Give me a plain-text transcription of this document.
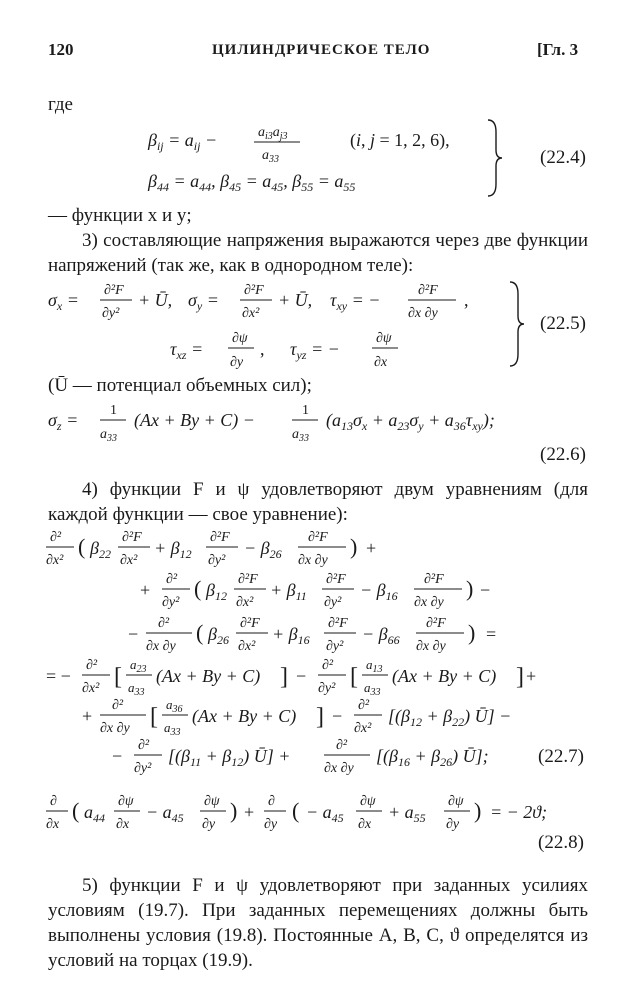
120	ЦИЛИНДРИЧЕСКОЕ ТЕЛО	[Гл. 3
где
$\beta_{ij} = a_{ij}$ −	$a_{i3}a_{j3}$
$a_{33}$
(i, j = 1, 2, 6),
$\beta_{44} = a_{44}$, $\beta_{45} = a_{45}$, $\beta_{55} = a_{55}$
(22.4)
— функции x и y;
3) составляющие напряжения выражаются через две функции напряжений (так же, как в однородном теле):
$\sigma_x = \partial^2F$
∂y²
+ Ū, $\sigma_y = \partial^2F$
∂x²
+ Ū, $\tau_{xy}$ = −	∂²F
∂x ∂y
,
$\tau_{xz}$ =
∂ψ
∂y
, $\tau_{yz}$ = −
∂ψ
∂x
(22.5)
(Ū — потенциал объемных сил);
$\sigma_z = 1$
$a_{33}$
(Ax + By + C) −	1
$a_{33}$
$(a_{13}\sigma_x + a_{23}\sigma_y + a_{36}\tau_{xy})$;
(22.6)
4) функции F и ψ удовлетворяют двум уравнениям (для каждой функции — свое уравнение):
∂²
∂x²
( $\beta_{22}$
∂²F
∂x²
+ $\beta_{12}$
∂²F
∂y²
− $\beta_{26}$
∂²F
∂x ∂y
) +
+
∂²
∂y²
( $\beta_{12}$
∂²F
∂x²
+ $\beta_{11}$
∂²F
∂y²
− $\beta_{16}$
∂²F
∂x ∂y
) −
−
∂²
∂x ∂y
( $\beta_{26}$
∂²F
∂x²
+ $\beta_{16}$
∂²F
∂y²
− $\beta_{66}$
∂²F
∂x ∂y
) =
= −
∂²
∂x² [ $a_{23}$
$a_{33}$
(Ax + By + C) ] −
∂²
∂y² [ $a_{13}$
$a_{33}$
(Ax + By + C) ] +
+
∂²
∂x ∂y [ $a_{36}$
$a_{33}$
(Ax + By + C) ] −
∂²
∂x²
[$(\beta_{12} + \beta_{22})$ Ū] −
−
∂²
∂y²
[$(\beta_{11} + \beta_{12})$ Ū] +
∂²
∂x ∂y
[$(\beta_{16} + \beta_{26})$ Ū];	(22.7)
∂
∂x
( $a_{44}$
∂ψ
∂x
− $a_{45}$
∂ψ
∂y
) +
∂
∂y
( − $a_{45}$
∂ψ
∂x
+ $a_{55}$
∂ψ
∂y
) = − 2ϑ;
(22.8)
5) функции F и ψ удовлетворяют при заданных усилиях условиям (19.7). При заданных перемещениях должны быть выполнены условия (19.8). Постоянные A, B, C, ϑ определятся из условий на торцах (19.9).
